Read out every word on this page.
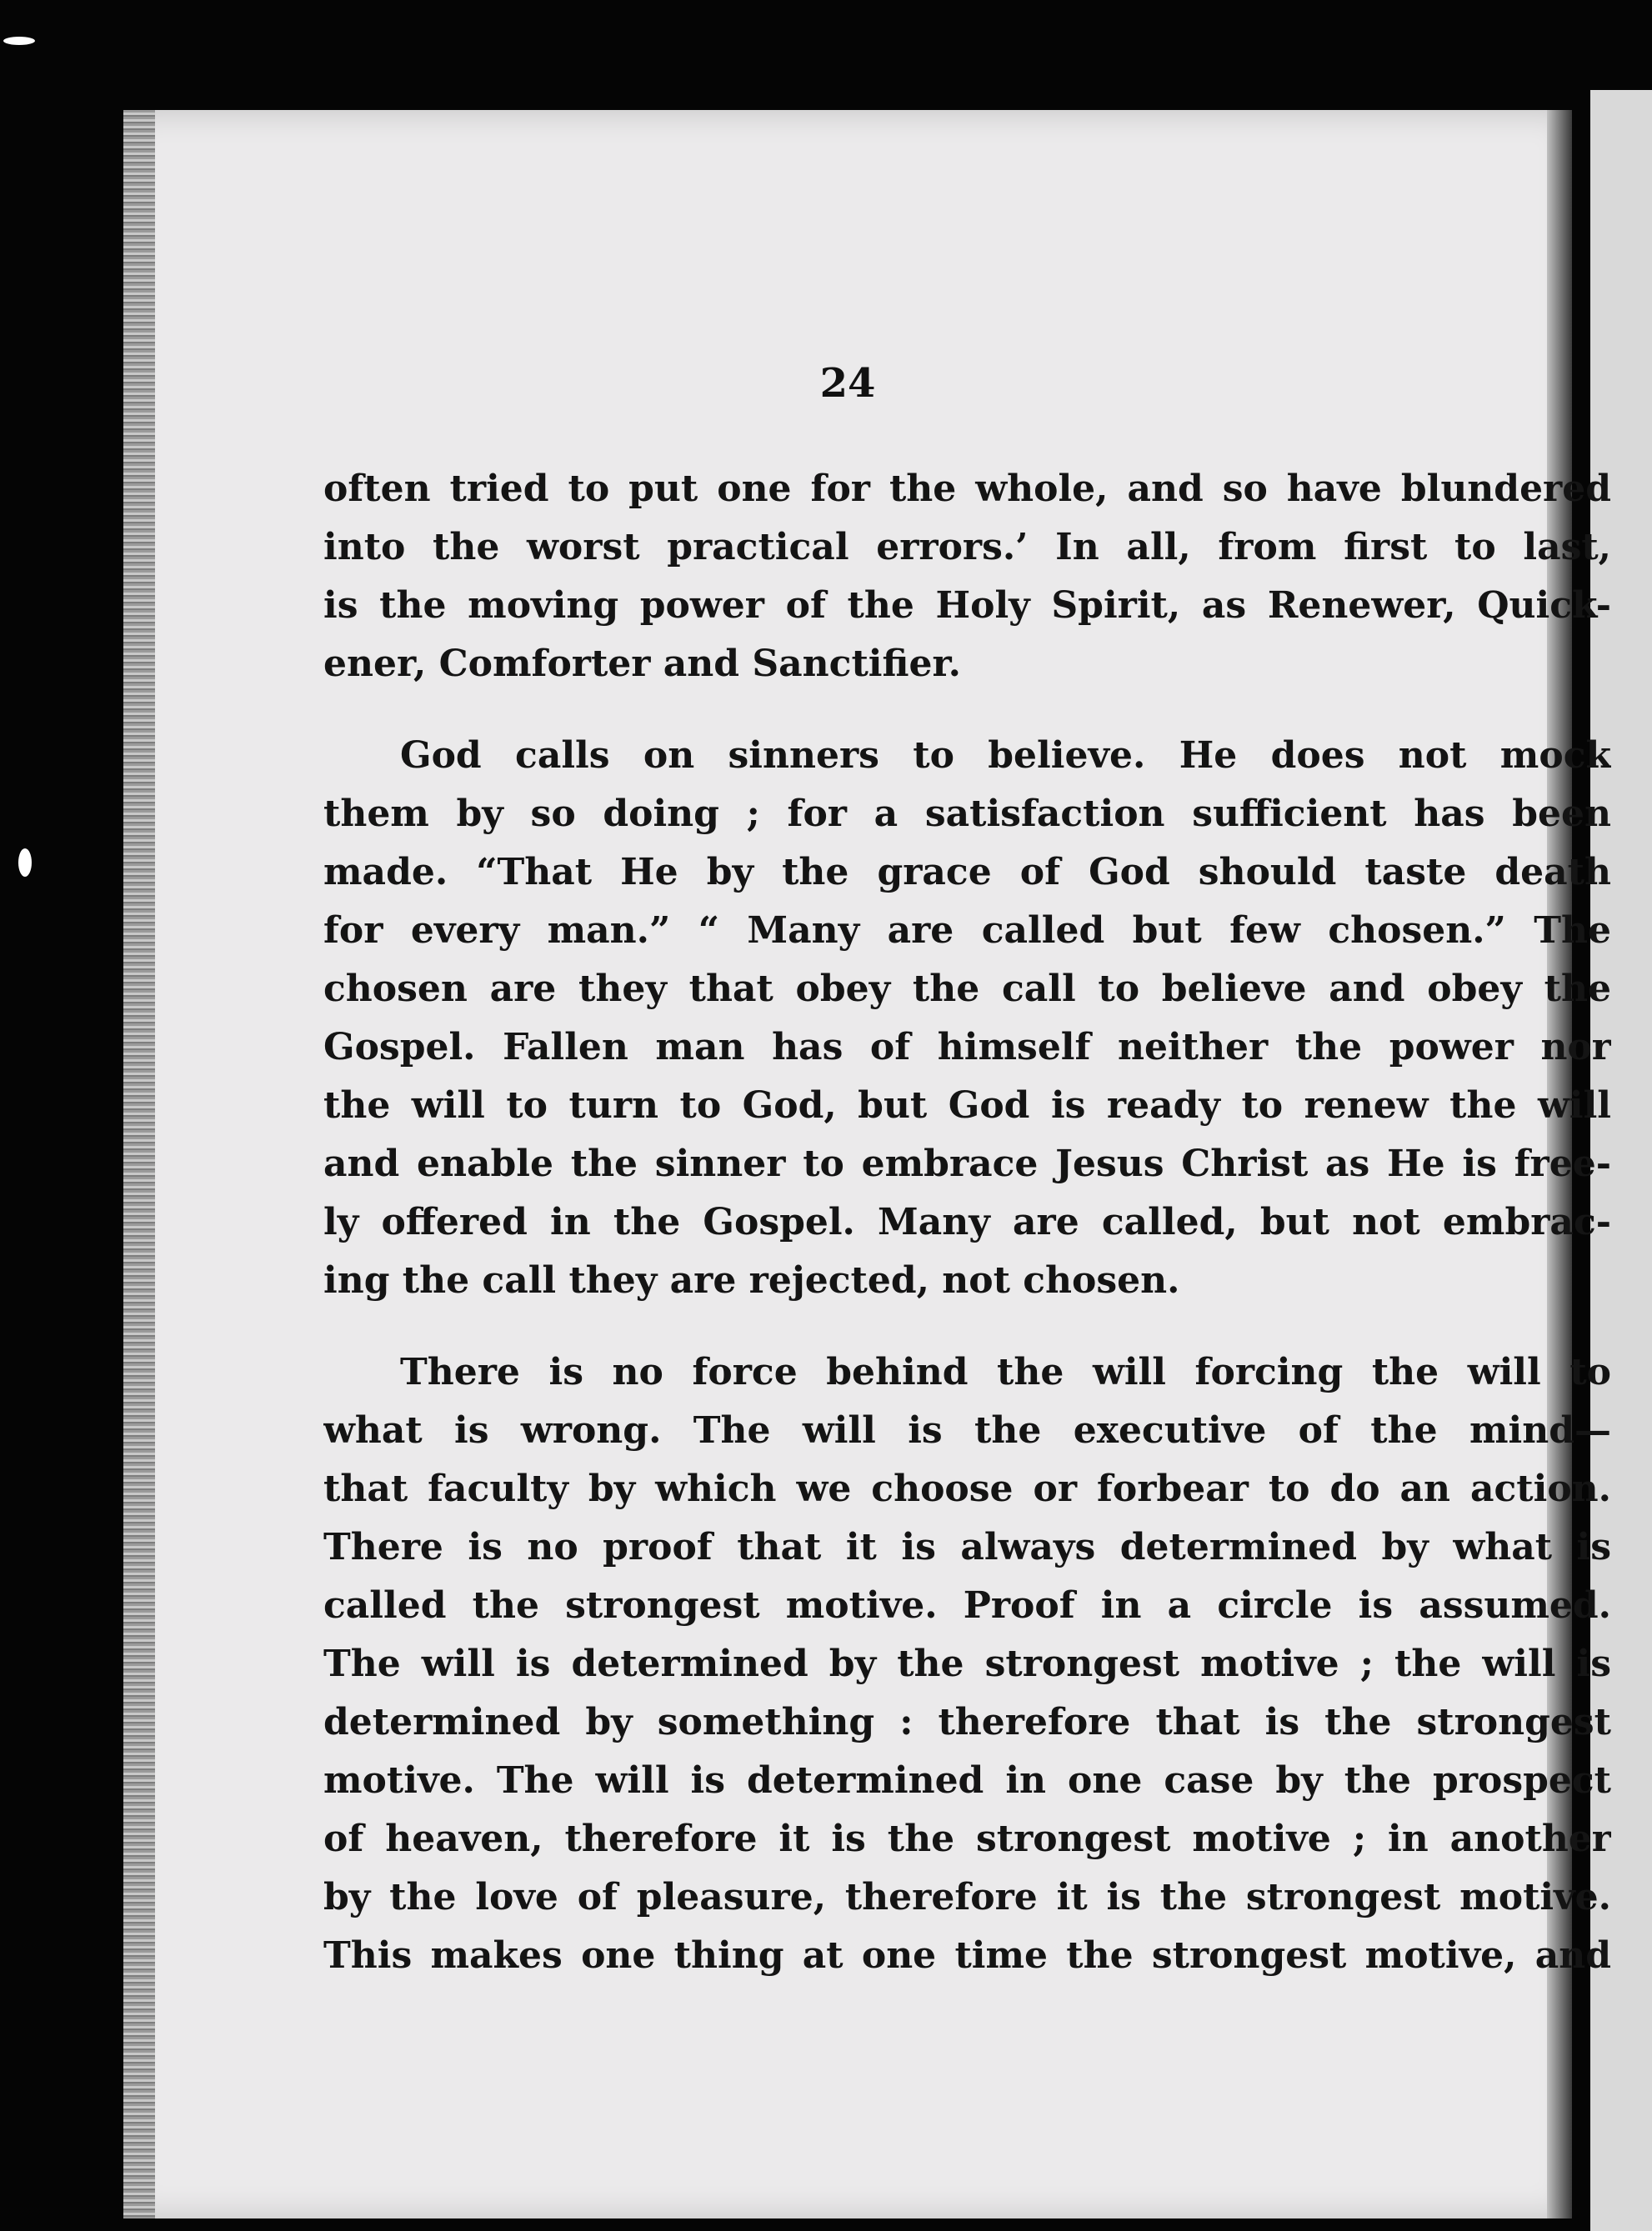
24
often tried to put one for the whole, and so have blundered
into the worst practical errors.’ In all, from first to last,
is the moving power of the Holy Spirit, as Renewer, Quick-
ener, Comforter and Sanctifier.
God calls on sinners to believe. He does not mock
them by so doing ; for a satisfaction sufficient has been
made. “That He by the grace of God should taste death
for every man.” “ Many are called but few chosen.” The
chosen are they that obey the call to believe and obey the
Gospel. Fallen man has of himself neither the power nor
the will to turn to God, but God is ready to renew the will
and enable the sinner to embrace Jesus Christ as He is free-
ly offered in the Gospel. Many are called, but not embrac-
ing the call they are rejected, not chosen.
There is no force behind the will forcing the will to
what is wrong. The will is the executive of the mind—
that faculty by which we choose or forbear to do an action.
There is no proof that it is always determined by what is
called the strongest motive. Proof in a circle is assumed.
The will is determined by the strongest motive ; the will is
determined by something : therefore that is the strongest
motive. The will is determined in one case by the prospect
of heaven, therefore it is the strongest motive ; in another
by the love of pleasure, therefore it is the strongest motive.
This makes one thing at one time the strongest motive, and
